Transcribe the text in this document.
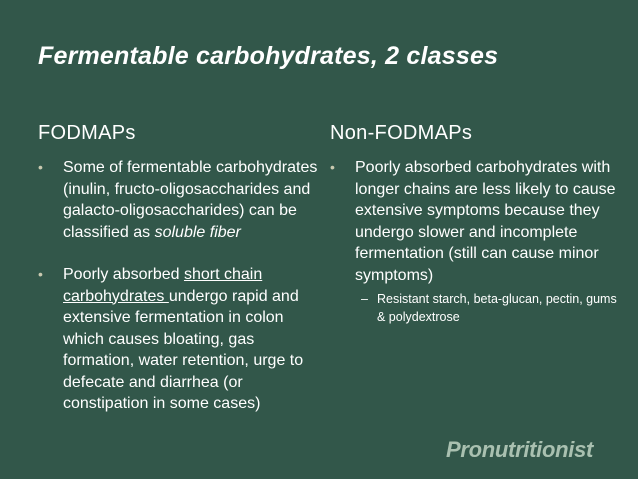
Fermentable carbohydrates, 2 classes
FODMAPs
• Some of fermentable carbohydrates (inulin, fructo-oligosaccharides and galacto-oligosaccharides) can be classified as soluble fiber
• Poorly absorbed short chain carbohydrates undergo rapid and extensive fermentation in colon which causes bloating, gas formation, water retention, urge to defecate and diarrhea (or constipation in some cases)
Non-FODMAPs
• Poorly absorbed carbohydrates with longer chains are less likely to cause extensive symptoms because they undergo slower and incomplete fermentation (still can cause minor symptoms)
– Resistant starch, beta-glucan, pectin, gums & polydextrose
Pronutritionist
